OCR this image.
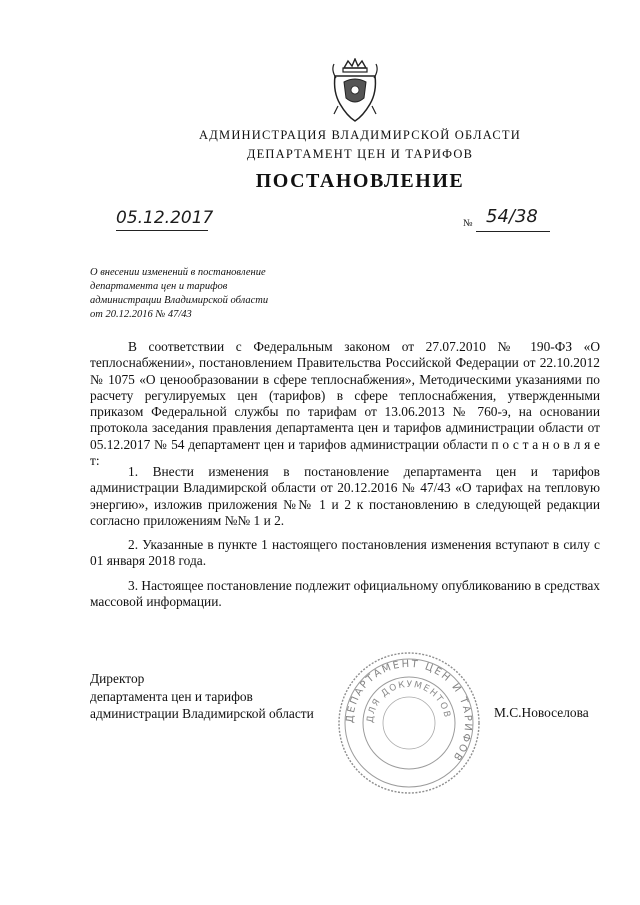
АДМИНИСТРАЦИЯ ВЛАДИМИРСКОЙ ОБЛАСТИ
ДЕПАРТАМЕНТ ЦЕН И ТАРИФОВ
ПОСТАНОВЛЕНИЕ
05.12.2017	№ 54/38
О внесении изменений в постановление
департамента цен и тарифов
администрации Владимирской области
от 20.12.2016 № 47/43
В соответствии с Федеральным законом от 27.07.2010 № 190-ФЗ «О теплоснабжении», постановлением Правительства Российской Федерации от 22.10.2012 № 1075 «О ценообразовании в сфере теплоснабжения», Методическими указаниями по расчету регулируемых цен (тарифов) в сфере теплоснабжения, утвержденными приказом Федеральной службы по тарифам от 13.06.2013 № 760-э, на основании протокола заседания правления департамента цен и тарифов администрации области от 05.12.2017 № 54 департамент цен и тарифов администрации области п о с т а н о в л я е т:
1. Внести изменения в постановление департамента цен и тарифов администрации Владимирской области от 20.12.2016 № 47/43 «О тарифах на тепловую энергию», изложив приложения №№ 1 и 2 к постановлению в следующей редакции согласно приложениям №№ 1 и 2.
2. Указанные в пункте 1 настоящего постановления изменения вступают в силу с 01 января 2018 года.
3. Настоящее постановление подлежит официальному опубликованию в средствах массовой информации.
ДЕПАРТАМЕНТ ЦЕН И ТАРИФОВ
ДЛЯ ДОКУМЕНТОВ
Директор
департамента цен и тарифов
администрации Владимирской области	М.С.Новоселова
